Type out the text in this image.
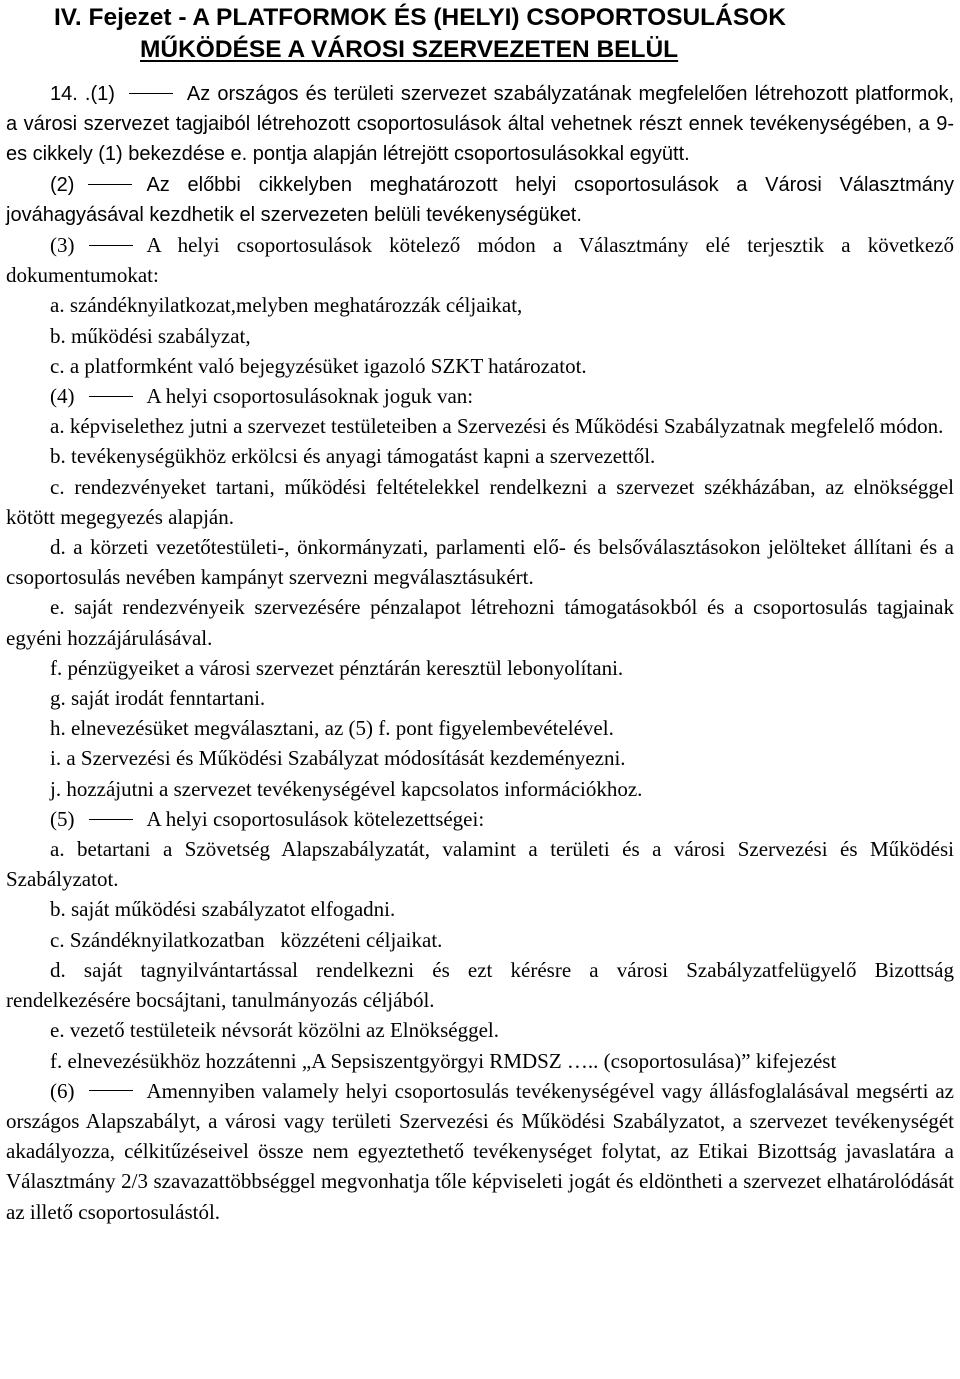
IV. Fejezet - A PLATFORMOK ÉS (HELYI) CSOPORTOSULÁSOK
MŰKÖDÉSE A VÁROSI SZERVEZETEN BELÜL

14. .(1)	Az országos és területi szervezet szabályzatának megfelelően létrehozott platformok, a városi szervezet tagjaiból létrehozott csoportosulások által vehetnek részt ennek tevékenységében, a 9-es cikkely (1) bekezdése e. pontja alapján létrejött csoportosulásokkal együtt.

(2)	Az előbbi cikkelyben meghatározott helyi csoportosulások a Városi Választmány jováhagyásával kezdhetik el szervezeten belüli tevékenységüket.

(3)	A helyi csoportosulások kötelező módon a Választmány elé terjesztik a következő dokumentumokat:

a. szándéknyilatkozat,melyben meghatározzák céljaikat,

b. működési szabályzat,

c. a platformként való bejegyzésüket igazoló SZKT határozatot.

(4)	A helyi csoportosulásoknak joguk van:

a. képviselethez jutni a szervezet testületeiben a Szervezési és Működési Szabályzatnak megfelelő módon.

b. tevékenységükhöz erkölcsi és anyagi támogatást kapni a szervezettől.

c. rendezvényeket tartani, működési feltételekkel rendelkezni a szervezet székházában, az elnökséggel kötött megegyezés alapján.

d. a körzeti vezetőtestületi-, önkormányzati, parlamenti elő- és belsőválasztásokon jelölteket állítani és a csoportosulás nevében kampányt szervezni megválasztásukért.

e. saját rendezvényeik szervezésére pénzalapot létrehozni támogatásokból és a csoportosulás tagjainak egyéni hozzájárulásával.

f. pénzügyeiket a városi szervezet pénztárán keresztül lebonyolítani.

g. saját irodát fenntartani.

h. elnevezésüket megválasztani, az (5) f. pont figyelembevételével.

i. a Szervezési és Működési Szabályzat módosítását kezdeményezni.

j. hozzájutni a szervezet tevékenységével kapcsolatos információkhoz.

(5)	A helyi csoportosulások kötelezettségei:

a. betartani a Szövetség Alapszabályzatát, valamint a területi és a városi Szervezési és Működési Szabályzatot.

b. saját működési szabályzatot elfogadni.

c. Szándéknyilatkozatban   közzéteni céljaikat.

d. saját tagnyilvántartással rendelkezni és ezt kérésre a városi Szabályzatfelügyelő Bizottság rendelkezésére bocsájtani, tanulmányozás céljából.

e. vezető testületeik névsorát közölni az Elnökséggel.

f. elnevezésükhöz hozzátenni „A Sepsiszentgyörgyi RMDSZ ….. (csoportosulása)” kifejezést

(6)	Amennyiben valamely helyi csoportosulás tevékenységével vagy állásfoglalásával megsérti az országos Alapszabályt, a városi vagy területi Szervezési és Működési Szabályzatot, a szervezet tevékenységét akadályozza, célkitűzéseivel össze nem egyeztethető tevékenységet folytat, az Etikai Bizottság javaslatára a Választmány 2/3 szavazattöbbséggel megvonhatja tőle képviseleti jogát és eldöntheti a szervezet elhatárolódását az illető csoportosulástól.
